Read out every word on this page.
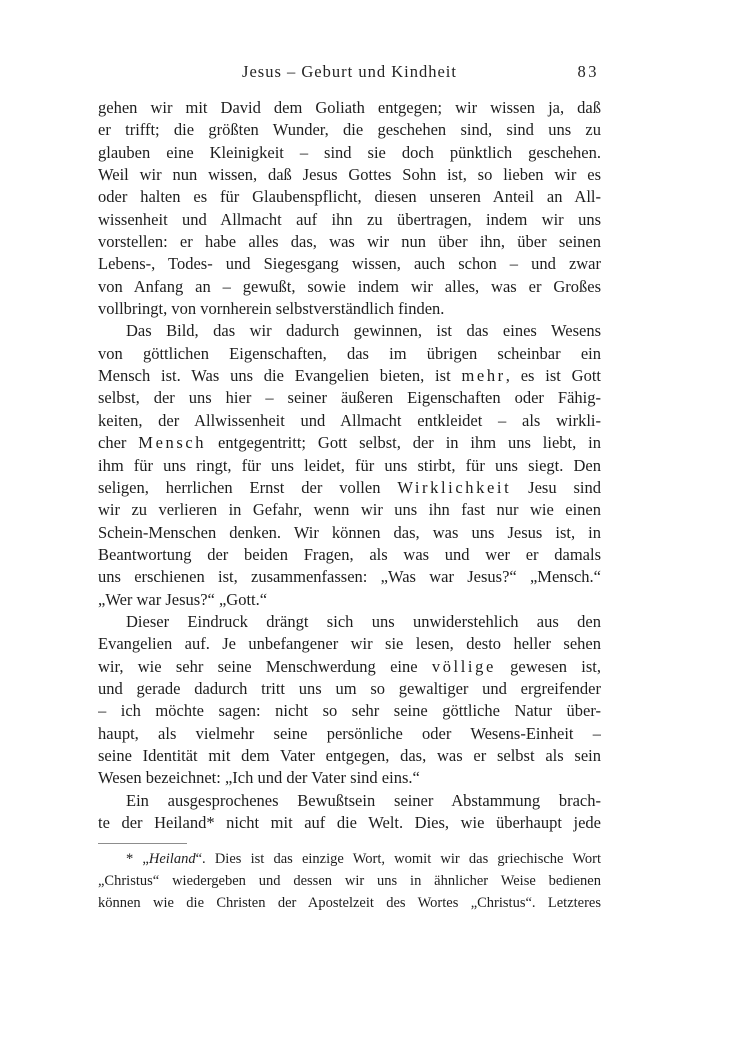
Jesus – Geburt und Kindheit	83
gehen wir mit David dem Goliath entgegen; wir wissen ja, daß
er trifft; die größten Wunder, die geschehen sind, sind uns zu
glauben eine Kleinigkeit – sind sie doch pünktlich geschehen.
Weil wir nun wissen, daß Jesus Gottes Sohn ist, so lieben wir es
oder halten es für Glaubenspflicht, diesen unseren Anteil an All-
wissenheit und Allmacht auf ihn zu übertragen, indem wir uns
vorstellen: er habe alles das, was wir nun über ihn, über seinen
Lebens-, Todes- und Siegesgang wissen, auch schon – und zwar
von Anfang an – gewußt, sowie indem wir alles, was er Großes
vollbringt, von vornherein selbstverständlich finden.
Das Bild, das wir dadurch gewinnen, ist das eines Wesens
von göttlichen Eigenschaften, das im übrigen scheinbar ein
Mensch ist. Was uns die Evangelien bieten, ist mehr, es ist Gott
selbst, der uns hier – seiner äußeren Eigenschaften oder Fähig-
keiten, der Allwissenheit und Allmacht entkleidet – als wirkli-
cher Mensch entgegentritt; Gott selbst, der in ihm uns liebt, in
ihm für uns ringt, für uns leidet, für uns stirbt, für uns siegt. Den
seligen, herrlichen Ernst der vollen Wirklichkeit Jesu sind
wir zu verlieren in Gefahr, wenn wir uns ihn fast nur wie einen
Schein-Menschen denken. Wir können das, was uns Jesus ist, in
Beantwortung der beiden Fragen, als was und wer er damals
uns erschienen ist, zusammenfassen: „Was war Jesus?“ „Mensch.“
„Wer war Jesus?“ „Gott.“
Dieser Eindruck drängt sich uns unwiderstehlich aus den
Evangelien auf. Je unbefangener wir sie lesen, desto heller sehen
wir, wie sehr seine Menschwerdung eine völlige gewesen ist,
und gerade dadurch tritt uns um so gewaltiger und ergreifender
– ich möchte sagen: nicht so sehr seine göttliche Natur über-
haupt, als vielmehr seine persönliche oder Wesens-Einheit –
seine Identität mit dem Vater entgegen, das, was er selbst als sein
Wesen bezeichnet: „Ich und der Vater sind eins.“
Ein ausgesprochenes Bewußtsein seiner Abstammung brach-
te der Heiland* nicht mit auf die Welt. Dies, wie überhaupt jede
* „Heiland“. Dies ist das einzige Wort, womit wir das griechische Wort
„Christus“ wiedergeben und dessen wir uns in ähnlicher Weise bedienen
können wie die Christen der Apostelzeit des Wortes „Christus“. Letzteres
